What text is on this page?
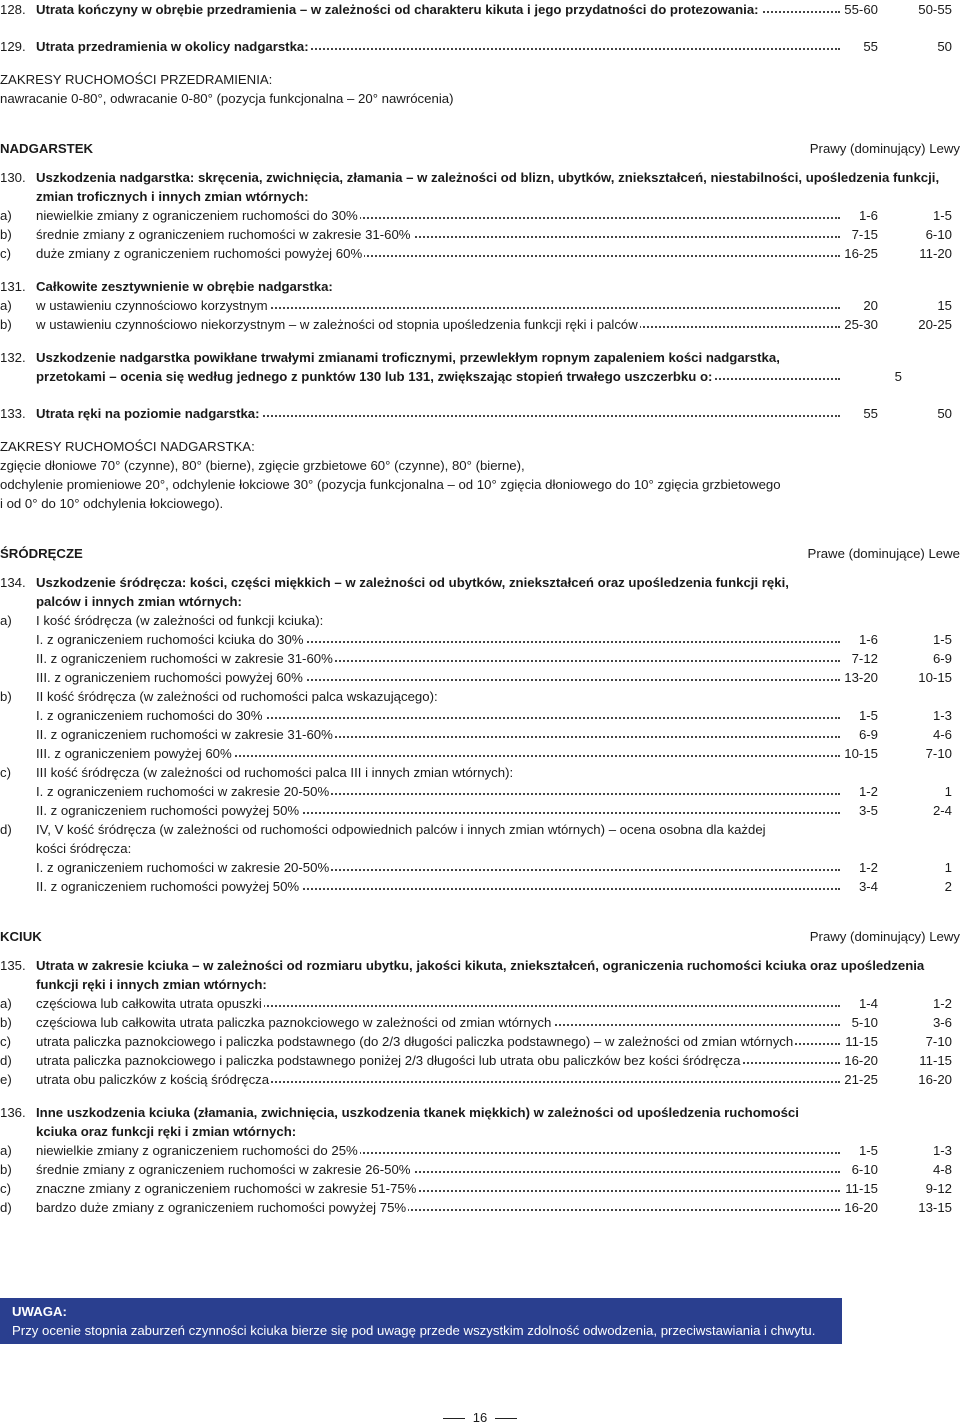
128. Utrata kończyny w obrębie przedramienia – w zależności od charakteru kikuta i jego przydatności do protezowania:	55-60	50-55
129. Utrata przedramienia w okolicy nadgarstka:	55	50
ZAKRESY RUCHOMOŚCI PRZEDRAMIENIA:
nawracanie 0-80°, odwracanie 0-80° (pozycja funkcjonalna – 20° nawrócenia)
NADGARSTEK	Prawy (dominujący) Lewy
130. Uszkodzenia nadgarstka: skręcenia, zwichnięcia, złamania – w zależności od blizn, ubytków, zniekształceń, niestabilności, upośledzenia funkcji, zmian troficznych i innych zmian wtórnych:
a)	niewielkie zmiany z ograniczeniem ruchomości do 30%	1-6	1-5
b)	średnie zmiany z ograniczeniem ruchomości w zakresie 31-60%	7-15	6-10
c)	duże zmiany z ograniczeniem ruchomości powyżej 60%	16-25	11-20
131. Całkowite zesztywnienie w obrębie nadgarstka:
a)	w ustawieniu czynnościowo korzystnym	20	15
b)	w ustawieniu czynnościowo niekorzystnym – w zależności od stopnia upośledzenia funkcji ręki i palców	25-30	20-25
132. Uszkodzenie nadgarstka powikłane trwałymi zmianami troficznymi, przewlekłym ropnym zapaleniem kości nadgarstka,
przetokami – ocenia się według jednego z punktów 130 lub 131, zwiększając stopień trwałego uszczerbku o:	5
133. Utrata ręki na poziomie nadgarstka:	55	50
ZAKRESY RUCHOMOŚCI NADGARSTKA:
zgięcie dłoniowe 70° (czynne), 80° (bierne), zgięcie grzbietowe 60° (czynne), 80° (bierne),
odchylenie promieniowe 20°, odchylenie łokciowe 30° (pozycja funkcjonalna – od 10° zgięcia dłoniowego do 10° zgięcia grzbietowego
i od 0° do 10° odchylenia łokciowego).
ŚRÓDRĘCZE	Prawe (dominujące) Lewe
134. Uszkodzenie śródręcza: kości, części miękkich – w zależności od ubytków, zniekształceń oraz upośledzenia funkcji ręki,
palców i innych zmian wtórnych:
a)	I kość śródręcza (w zależności od funkcji kciuka):
I. z ograniczeniem ruchomości kciuka do 30%	1-6	1-5
II. z ograniczeniem ruchomości w zakresie 31-60%	7-12	6-9
III. z ograniczeniem ruchomości powyżej 60%	13-20	10-15
b)	II kość śródręcza (w zależności od ruchomości palca wskazującego):
I. z ograniczeniem ruchomości do 30%	1-5	1-3
II. z ograniczeniem ruchomości w zakresie 31-60%	6-9	4-6
III. z ograniczeniem powyżej 60%	10-15	7-10
c)	III kość śródręcza (w zależności od ruchomości palca III i innych zmian wtórnych):
I. z ograniczeniem ruchomości w zakresie 20-50%	1-2	1
II. z ograniczeniem ruchomości powyżej 50%	3-5	2-4
d)	IV, V kość śródręcza (w zależności od ruchomości odpowiednich palców i innych zmian wtórnych) – ocena osobna dla każdej
kości śródręcza:
I. z ograniczeniem ruchomości w zakresie 20-50%	1-2	1
II. z ograniczeniem ruchomości powyżej 50%	3-4	2
KCIUK	Prawy (dominujący) Lewy
135. Utrata w zakresie kciuka – w zależności od rozmiaru ubytku, jakości kikuta, zniekształceń, ograniczenia ruchomości kciuka oraz upośledzenia
funkcji ręki i innych zmian wtórnych:
a)	częściowa lub całkowita utrata opuszki	1-4	1-2
b)	częściowa lub całkowita utrata paliczka paznokciowego w zależności od zmian wtórnych	5-10	3-6
c)	utrata paliczka paznokciowego i paliczka podstawnego (do 2/3 długości paliczka podstawnego) – w zależności od zmian wtórnych	11-15	7-10
d)	utrata paliczka paznokciowego i paliczka podstawnego poniżej 2/3 długości lub utrata obu paliczków bez kości śródręcza	16-20	11-15
e)	utrata obu paliczków z kością śródręcza	21-25	16-20
136. Inne uszkodzenia kciuka (złamania, zwichnięcia, uszkodzenia tkanek miękkich) w zależności od upośledzenia ruchomości
kciuka oraz funkcji ręki i zmian wtórnych:
a)	niewielkie zmiany z ograniczeniem ruchomości do 25%	1-5	1-3
b)	średnie zmiany z ograniczeniem ruchomości w zakresie 26-50%	6-10	4-8
c)	znaczne zmiany z ograniczeniem ruchomości w zakresie 51-75%	11-15	9-12
d)	bardzo duże zmiany z ograniczeniem ruchomości powyżej 75%	16-20	13-15
UWAGA:
Przy ocenie stopnia zaburzeń czynności kciuka bierze się pod uwagę przede wszystkim zdolność odwodzenia, przeciwstawiania i chwytu.
16
